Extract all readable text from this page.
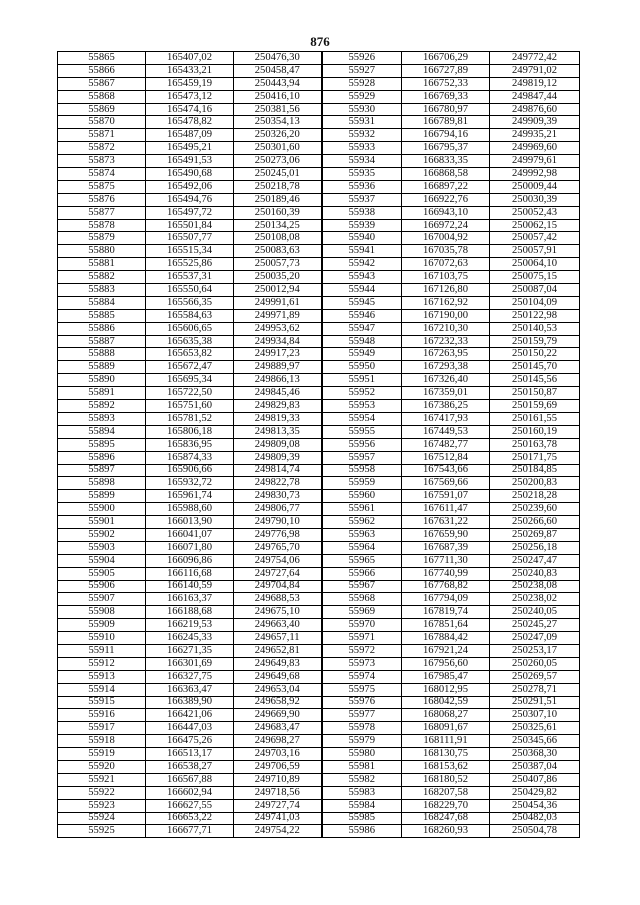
876
55865	165407,02	250476,30	55926	166706,29	249772,42
55866	165433,21	250458,47	55927	166727,89	249791,02
55867	165459,19	250443,94	55928	166752,33	249819,12
55868	165473,12	250416,10	55929	166769,33	249847,44
55869	165474,16	250381,56	55930	166780,97	249876,60
55870	165478,82	250354,13	55931	166789,81	249909,39
55871	165487,09	250326,20	55932	166794,16	249935,21
55872	165495,21	250301,60	55933	166795,37	249969,60
55873	165491,53	250273,06	55934	166833,35	249979,61
55874	165490,68	250245,01	55935	166868,58	249992,98
55875	165492,06	250218,78	55936	166897,22	250009,44
55876	165494,76	250189,46	55937	166922,76	250030,39
55877	165497,72	250160,39	55938	166943,10	250052,43
55878	165501,84	250134,25	55939	166972,24	250062,15
55879	165507,77	250108,08	55940	167004,92	250057,42
55880	165515,34	250083,63	55941	167035,78	250057,91
55881	165525,86	250057,73	55942	167072,63	250064,10
55882	165537,31	250035,20	55943	167103,75	250075,15
55883	165550,64	250012,94	55944	167126,80	250087,04
55884	165566,35	249991,61	55945	167162,92	250104,09
55885	165584,63	249971,89	55946	167190,00	250122,98
55886	165606,65	249953,62	55947	167210,30	250140,53
55887	165635,38	249934,84	55948	167232,33	250159,79
55888	165653,82	249917,23	55949	167263,95	250150,22
55889	165672,47	249889,97	55950	167293,38	250145,70
55890	165695,34	249866,13	55951	167326,40	250145,56
55891	165722,50	249845,46	55952	167359,01	250150,87
55892	165751,60	249829,83	55953	167386,25	250159,69
55893	165781,52	249819,33	55954	167417,93	250161,55
55894	165806,18	249813,35	55955	167449,53	250160,19
55895	165836,95	249809,08	55956	167482,77	250163,78
55896	165874,33	249809,39	55957	167512,84	250171,75
55897	165906,66	249814,74	55958	167543,66	250184,85
55898	165932,72	249822,78	55959	167569,66	250200,83
55899	165961,74	249830,73	55960	167591,07	250218,28
55900	165988,60	249806,77	55961	167611,47	250239,60
55901	166013,90	249790,10	55962	167631,22	250266,60
55902	166041,07	249776,98	55963	167659,90	250269,87
55903	166071,80	249765,70	55964	167687,39	250256,18
55904	166096,86	249754,06	55965	167711,30	250247,47
55905	166116,68	249727,64	55966	167740,99	250240,83
55906	166140,59	249704,84	55967	167768,82	250238,08
55907	166163,37	249688,53	55968	167794,09	250238,02
55908	166188,68	249675,10	55969	167819,74	250240,05
55909	166219,53	249663,40	55970	167851,64	250245,27
55910	166245,33	249657,11	55971	167884,42	250247,09
55911	166271,35	249652,81	55972	167921,24	250253,17
55912	166301,69	249649,83	55973	167956,60	250260,05
55913	166327,75	249649,68	55974	167985,47	250269,57
55914	166363,47	249653,04	55975	168012,95	250278,71
55915	166389,90	249658,92	55976	168042,59	250291,51
55916	166421,06	249669,90	55977	168068,27	250307,10
55917	166447,03	249683,47	55978	168091,67	250325,61
55918	166475,26	249698,27	55979	168111,91	250345,66
55919	166513,17	249703,16	55980	168130,75	250368,30
55920	166538,27	249706,59	55981	168153,62	250387,04
55921	166567,88	249710,89	55982	168180,52	250407,86
55922	166602,94	249718,56	55983	168207,58	250429,82
55923	166627,55	249727,74	55984	168229,70	250454,36
55924	166653,22	249741,03	55985	168247,68	250482,03
55925	166677,71	249754,22	55986	168260,93	250504,78
